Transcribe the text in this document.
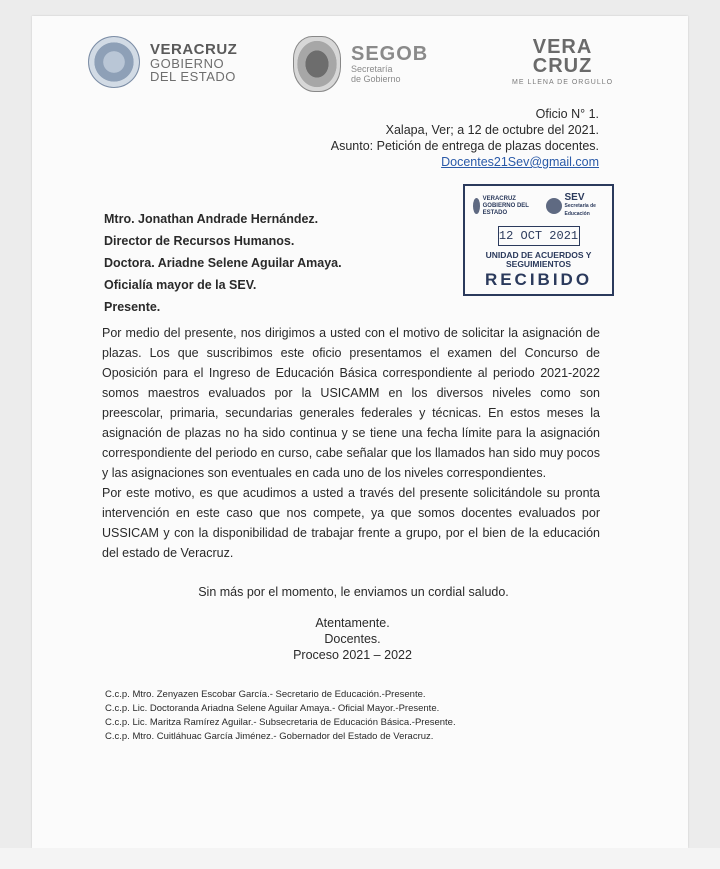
VERACRUZ
GOBIERNO
DEL ESTADO
SEGOB
Secretaría
de Gobierno
VERA
CRUZ
ME LLENA DE ORGULLO
Oficio N° 1.
Xalapa, Ver; a 12 de octubre del 2021.
Asunto: Petición de entrega de plazas docentes.
Docentes21Sev@gmail.com
VERACRUZ GOBIERNO DEL ESTADO
SEV
Secretaría de Educación
12 OCT 2021
UNIDAD DE ACUERDOS Y
SEGUIMIENTOS
RECIBIDO
Mtro. Jonathan Andrade Hernández.
Director de Recursos Humanos.
Doctora. Ariadne Selene Aguilar Amaya.
Oficialía mayor de la SEV.
Presente.
Por medio del presente, nos dirigimos a usted con el motivo de solicitar la asignación de plazas. Los que suscribimos este oficio presentamos el examen del Concurso de Oposición para el Ingreso de Educación Básica correspondiente al periodo 2021-2022 somos maestros evaluados por la USICAMM en los diversos niveles como son preescolar, primaria, secundarias generales federales y técnicas. En estos meses la asignación de plazas no ha sido continua y se tiene una fecha límite para la asignación correspondiente del periodo en curso, cabe señalar que los llamados han sido muy pocos y las asignaciones son eventuales en cada uno de los niveles correspondientes.
Por este motivo, es que acudimos a usted a través del presente solicitándole su pronta intervención en este caso que nos compete, ya que somos docentes evaluados por USSICAM y con la disponibilidad de trabajar frente a grupo, por el bien de la educación del estado de Veracruz.
Sin más por el momento, le enviamos un cordial saludo.
Atentamente.
Docentes.
Proceso 2021 – 2022
C.c.p. Mtro. Zenyazen Escobar García.- Secretario de Educación.-Presente.
C.c.p. Lic. Doctoranda Ariadna Selene Aguilar Amaya.- Oficial Mayor.-Presente.
C.c.p. Lic. Maritza Ramírez Aguilar.- Subsecretaria de Educación Básica.-Presente.
C.c.p. Mtro. Cuitláhuac García Jiménez.- Gobernador del Estado de Veracruz.
